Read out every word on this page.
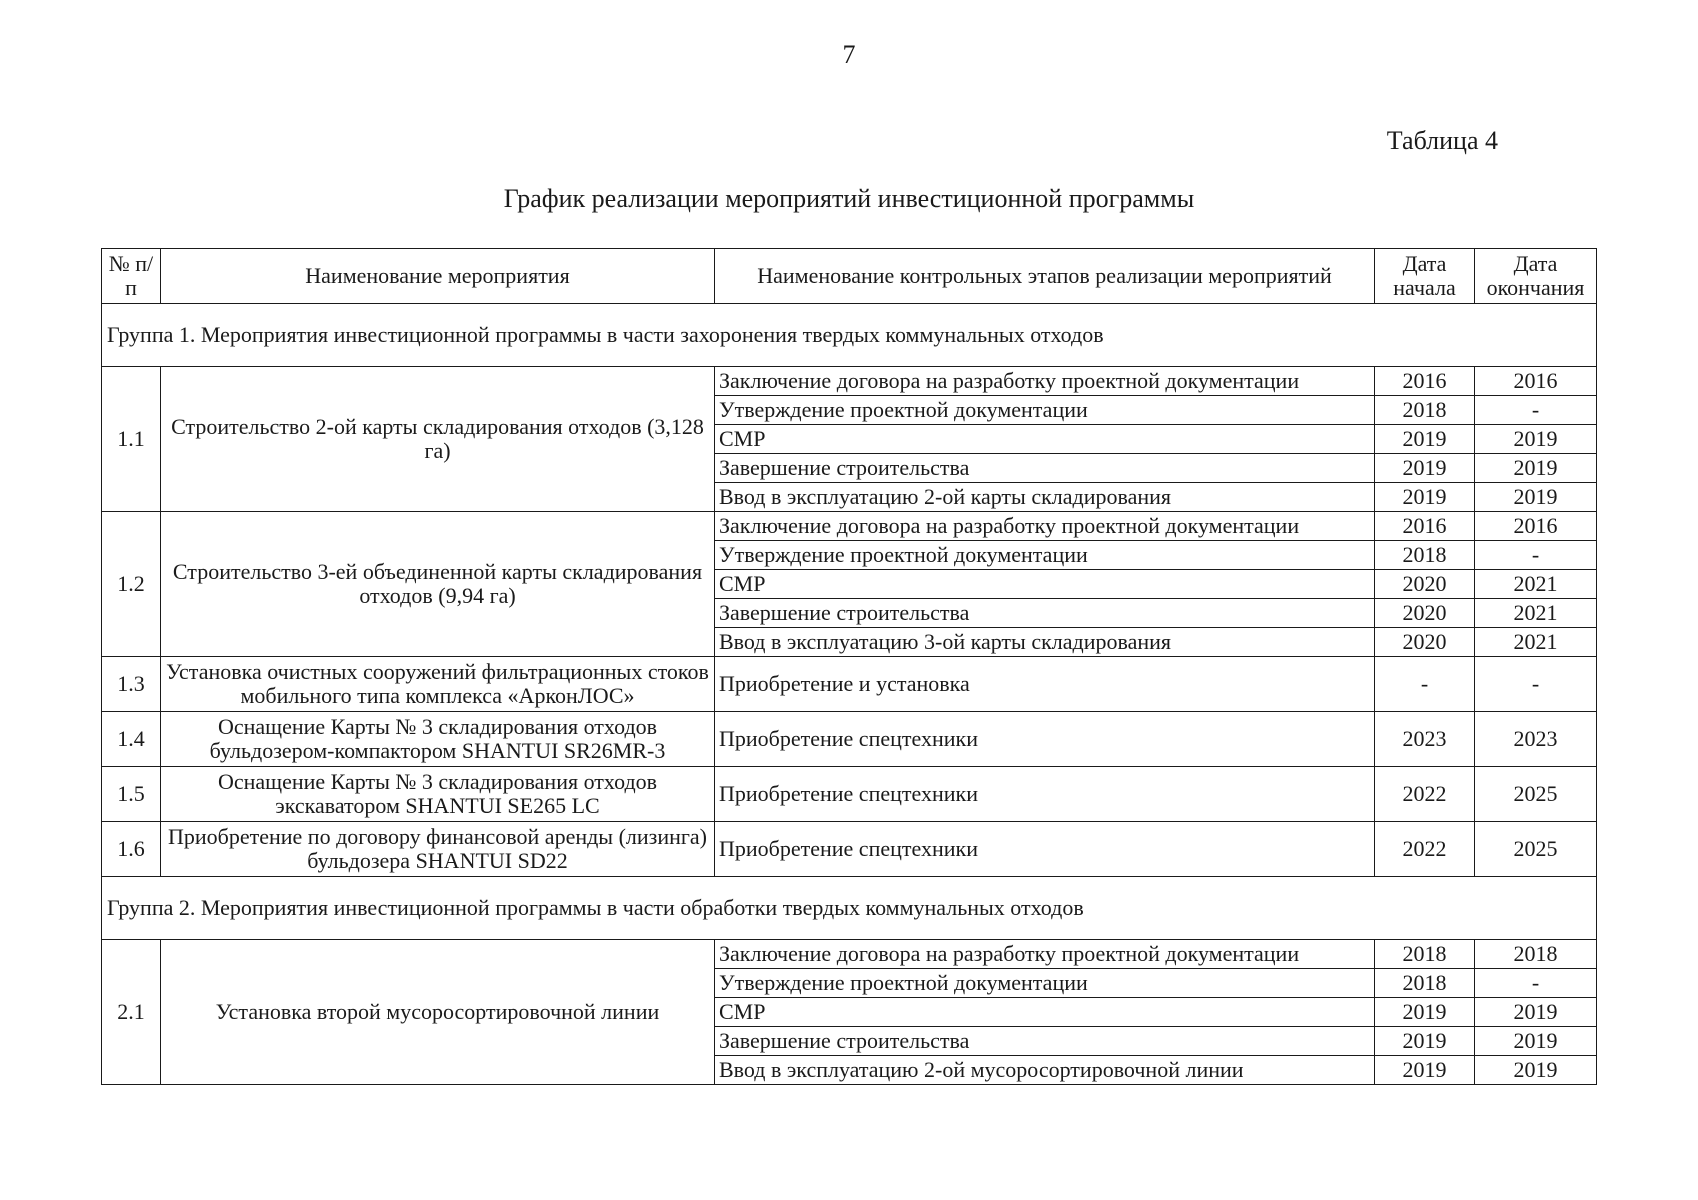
7
Таблица 4
График реализации мероприятий инвестиционной программы
№ п/п	Наименование мероприятия	Наименование контрольных этапов реализации мероприятий	Дата начала	Дата окончания
Группа 1. Мероприятия инвестиционной программы в части захоронения твердых коммунальных отходов				
1.1	Строительство 2-ой карты складирования отходов (3,128 га)	Заключение договора на разработку проектной документации	2016	2016
		Утверждение проектной документации	2018	-
		СМР	2019	2019
		Завершение строительства	2019	2019
		Ввод в эксплуатацию 2-ой карты складирования	2019	2019
1.2	Строительство 3-ей объединенной карты складирования отходов (9,94 га)	Заключение договора на разработку проектной документации	2016	2016
		Утверждение проектной документации	2018	-
		СМР	2020	2021
		Завершение строительства	2020	2021
		Ввод в эксплуатацию 3-ой карты складирования	2020	2021
1.3	Установка очистных сооружений фильтрационных стоков мобильного типа комплекса «АрконЛОС»	Приобретение и установка	-	-
1.4	Оснащение Карты № 3 складирования отходов бульдозером-компактором SHANTUI SR26MR-3	Приобретение спецтехники	2023	2023
1.5	Оснащение Карты № 3 складирования отходов экскаватором SHANTUI SE265 LC	Приобретение спецтехники	2022	2025
1.6	Приобретение по договору финансовой аренды (лизинга) бульдозера SHANTUI SD22	Приобретение спецтехники	2022	2025
Группа 2. Мероприятия инвестиционной программы в части обработки твердых коммунальных отходов				
2.1	Установка второй мусоросортировочной линии	Заключение договора на разработку проектной документации	2018	2018
		Утверждение проектной документации	2018	-
		СМР	2019	2019
		Завершение строительства	2019	2019
		Ввод в эксплуатацию 2-ой мусоросортировочной линии	2019	2019
